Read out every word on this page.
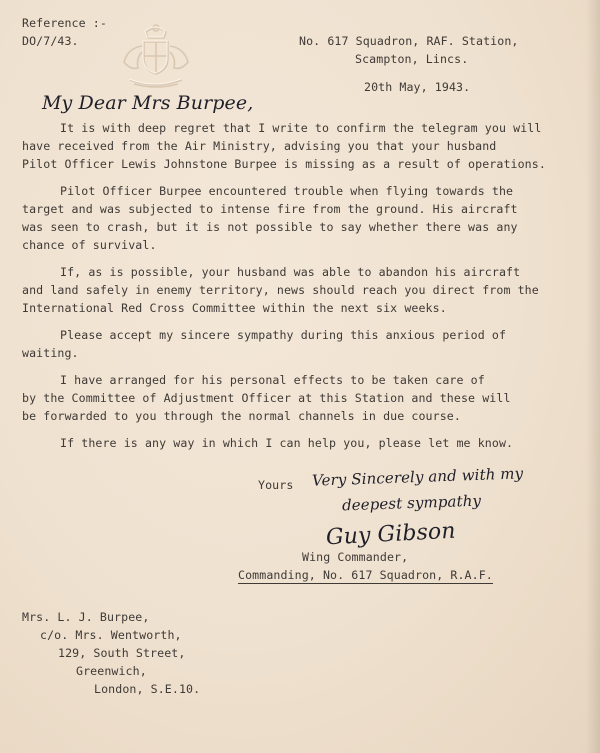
Reference :-
DO/7/43.	No. 617 Squadron, RAF. Station,
Scampton, Lincs.
20th May, 1943.
My Dear Mrs Burpee,
It is with deep regret that I write to confirm the telegram you will
have received from the Air Ministry, advising you that your husband
Pilot Officer Lewis Johnstone Burpee is missing as a result of operations.
Pilot Officer Burpee encountered trouble when flying towards the
target and was subjected to intense fire from the ground. His aircraft
was seen to crash, but it is not possible to say whether there was any
chance of survival.
If, as is possible, your husband was able to abandon his aircraft
and land safely in enemy territory, news should reach you direct from the
International Red Cross Committee within the next six weeks.
Please accept my sincere sympathy during this anxious period of
waiting.
I have arranged for his personal effects to be taken care of
by the Committee of Adjustment Officer at this Station and these will
be forwarded to you through the normal channels in due course.
If there is any way in which I can help you, please let me know.
Yours Very Sincerely and with my
deepest sympathy
Guy Gibson
Wing Commander,
Commanding, No. 617 Squadron, R.A.F.
Mrs. L. J. Burpee,
c/o. Mrs. Wentworth,
129, South Street,
Greenwich,
London, S.E.10.
